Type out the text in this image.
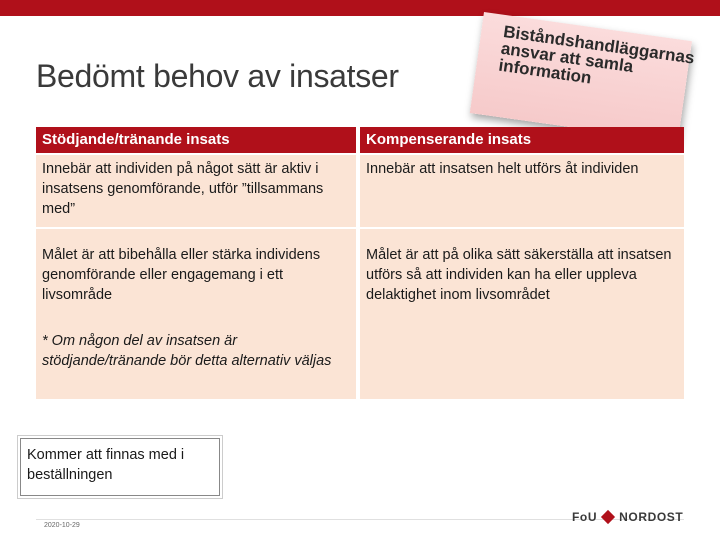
Bedömt behov av insatser
Biståndshandläggarnas ansvar att samla information
Stödjande/tränande insats	Kompenserande insats
Innebär att individen på något sätt är aktiv i insatsens genomförande, utför ”tillsammans med”
Innebär att insatsen helt utförs åt individen
Målet är att bibehålla eller stärka individens genomförande eller engagemang i ett livsområde
* Om någon del av insatsen är stödjande/tränande bör detta alternativ väljas
Målet är att på olika sätt säkerställa att insatsen utförs så att individen kan ha eller uppleva delaktighet inom livsområdet
Kommer att finnas med i beställningen
2020-10-29
FoU NORDOST
